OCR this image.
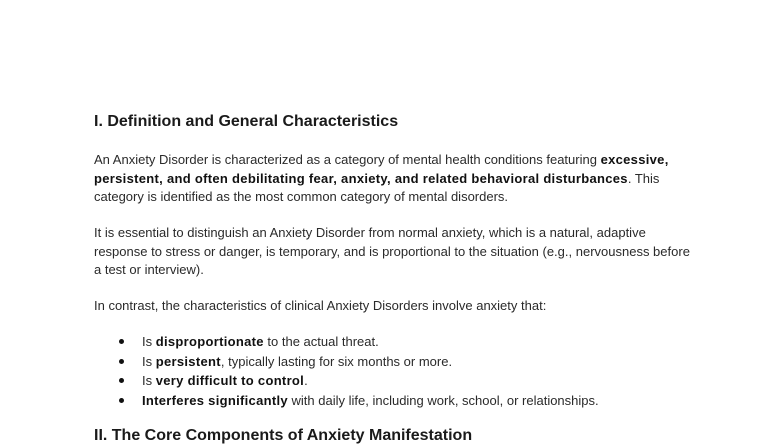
I. Definition and General Characteristics

An Anxiety Disorder is characterized as a category of mental health conditions featuring excessive, persistent, and often debilitating fear, anxiety, and related behavioral disturbances. This category is identified as the most common category of mental disorders.

It is essential to distinguish an Anxiety Disorder from normal anxiety, which is a natural, adaptive response to stress or danger, is temporary, and is proportional to the situation (e.g., nervousness before a test or interview).

In contrast, the characteristics of clinical Anxiety Disorders involve anxiety that:

Is disproportionate to the actual threat.
Is persistent, typically lasting for six months or more.
Is very difficult to control.
Interferes significantly with daily life, including work, school, or relationships.
II. The Core Components of Anxiety Manifestation
